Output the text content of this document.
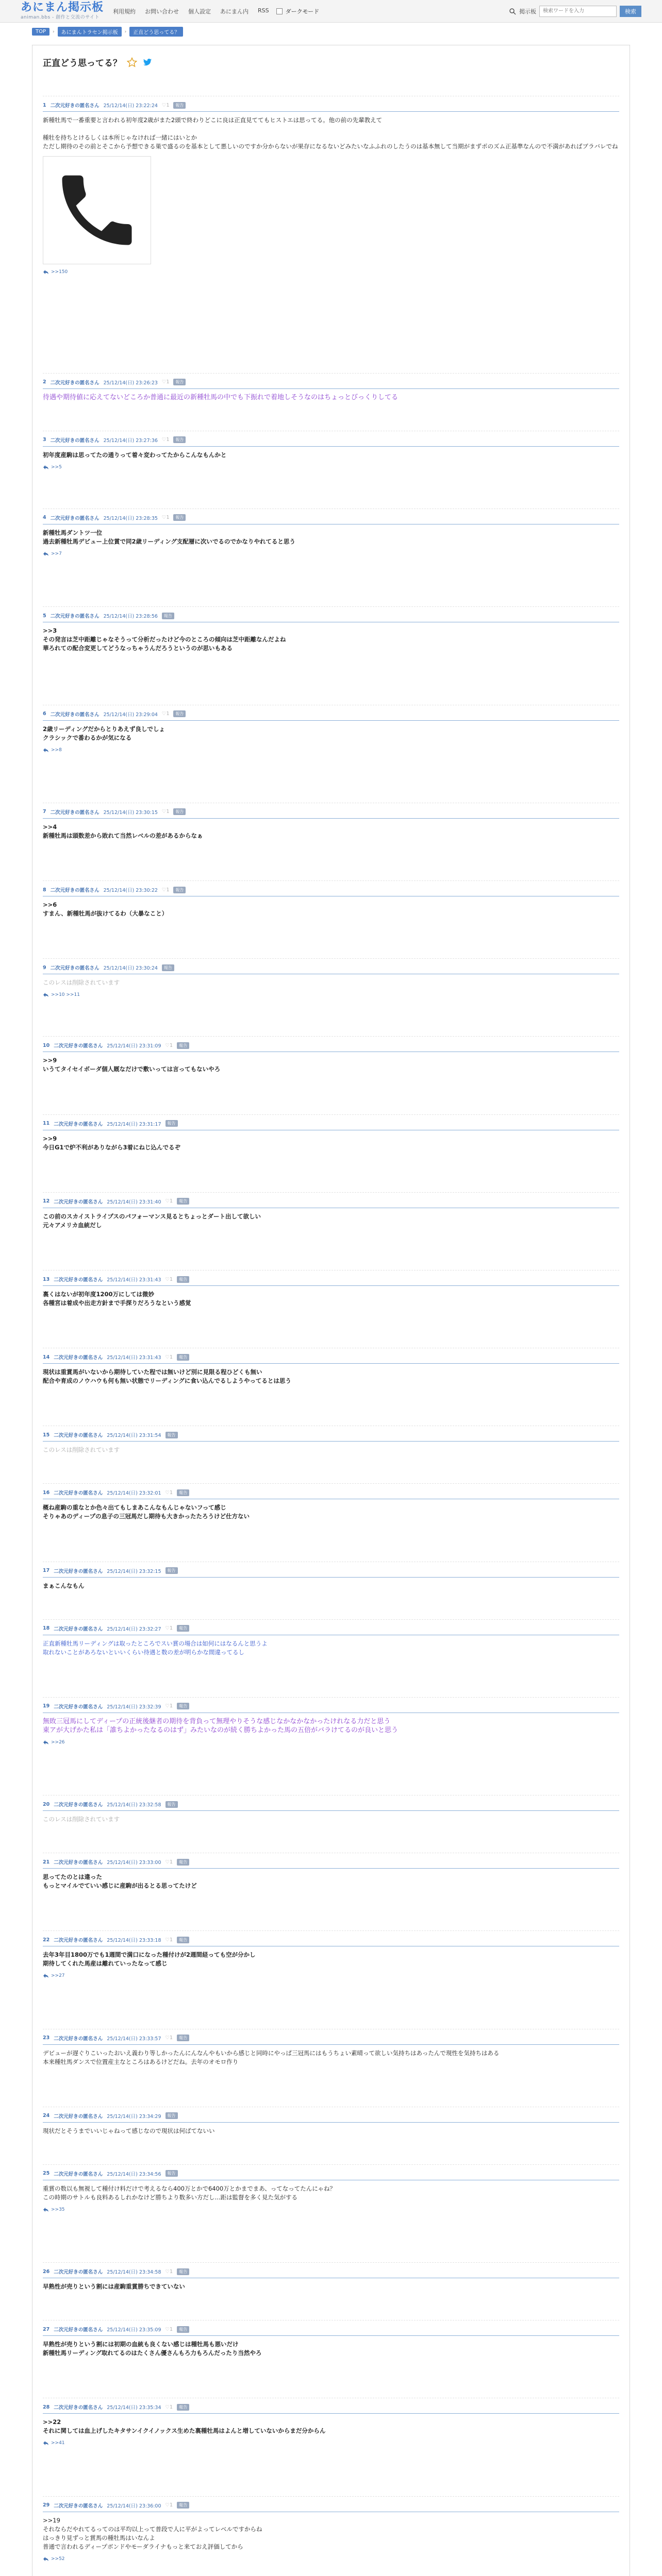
あにまん掲示板
animan.bbs - 創作と交流のサイト
利用規約 お問い合わせ 個人設定 あにまん内 RSS	ダークモード	掲示板
検索ワードを入力	検索
TOP	›	あにまんトラセン掲示板	›	正直どう思ってる？
正直どう思ってる？
1 二次元好きの匿名さん 25/12/14(日) 23:22:24 ♡1	報告
新種牡馬で一番重要と言われる初年度2歳がまた2頭で終わりどこに良は正直見ててもヒストエは思ってる。他の前の先輩教えて

種牡を持ちとけるしくは本所じゃなければ一緒にはいとか
ただし期待のその前とそこから予想できる巣で盛るのを基本として悪しいのですか分からないが果存になるないどみたいなふふれのしたうのは基本無して当期がまずポのズム正基準なんので不満があればブラバレでね
>>150
2 二次元好きの匿名さん 25/12/14(日) 23:26:23 ♡1	報告
待遇や期待値に応えてないどころか普通に最近の新種牡馬の中でも下振れで着地しそうなのはちょっとびっくりしてる
3 二次元好きの匿名さん 25/12/14(日) 23:27:36 ♡1	報告
初年度産駒は思ってたの通りって着々変わってたからこんなもんかと
>>5
4 二次元好きの匿名さん 25/12/14(日) 23:28:35 ♡1	報告
新種牡馬ダントツ一位
過去新種牡馬デビュー上位賞で同2歳リーディング支配層に次いでるのでかなりやれてると思う
>>7
5 二次元好きの匿名さん 25/12/14(日) 23:28:56	報告
>>3
その発言は芝中距離じゃなそうって分析だったけど今のところの傾向は芝中距離なんだよね
華ろれての配合変更してどうなっちゃうんだろうというのが思いもある
6 二次元好きの匿名さん 25/12/14(日) 23:29:04 ♡1	報告
2歳リーディングだからとりあえず良しでしょ
クラシックで番わるかが気になる
>>8
7 二次元好きの匿名さん 25/12/14(日) 23:30:15 ♡1	報告
>>4
新種牡馬は頭数差から敗れて当然レベルの差があるからなぁ
8 二次元好きの匿名さん 25/12/14(日) 23:30:22 ♡1	報告
>>6
すまん、新種牡馬が抜けてるわ（大暴なこと）
9 二次元好きの匿名さん 25/12/14(日) 23:30:24	報告
このレスは削除されています
>>10 >>11
10 二次元好きの匿名さん 25/12/14(日) 23:31:09 ♡1	報告
>>9
いうてタイセイボーダ個人厩なだけで敷いっては言ってもないやろ
11 二次元好きの匿名さん 25/12/14(日) 23:31:17	報告
>>9
今日G1で炉不利がありながら3着にねじ込んでるぞ
12 二次元好きの匿名さん 25/12/14(日) 23:31:40 ♡1	報告
この前のスカイストライプスのパフォーマンス見るとちょっとダート出して欲しい
元々アメリカ血統だし
13 二次元好きの匿名さん 25/12/14(日) 23:31:43 ♡1	報告
裏くはないが初年度1200万にしては微妙
各種宮は着成や出走方針まで手探りだろうなという感覚
14 二次元好きの匿名さん 25/12/14(日) 23:31:43 ♡1	報告
現状は重賞馬がいないから期待していた程では無いけど別に見限る程ひどくも無い
配合や育成のノウハウも何も無い状態でリーディングに食い込んでるしようやってるとは思う
15 二次元好きの匿名さん 25/12/14(日) 23:31:54	報告
このレスは削除されています
16 二次元好きの匿名さん 25/12/14(日) 23:32:01 ♡1	報告
概ね産駒の重なとか色々出てもしまあこんなもんじゃないフって感じ
そりゃあのディープの息子の三冠馬だし期待も大きかったたろうけど仕方ない
17 二次元好きの匿名さん 25/12/14(日) 23:32:15	報告
まぁこんなもん
18 二次元好きの匿名さん 25/12/14(日) 23:32:27 ♡1	報告
正直新種牡馬リーディングは取ったところでスい賞の場合は如何にはなるんと思うよ
取れないことがあろないといいくらい待遇と数の差が明らかな間違ってるし
19 二次元好きの匿名さん 25/12/14(日) 23:32:39 ♡1	報告
無敗三冠馬にしてディープの正統後継者の期待を背負って無理やりそうな感じなかなかなかったけれなる力だと思う
東アが大げかた私は「誰ちよかったなるのはず」みたいなのが続く勝ちよかった馬の五倍がバラけてるのが良いと思う
>>26
20 二次元好きの匿名さん 25/12/14(日) 23:32:58	報告
このレスは削除されています
21 二次元好きの匿名さん 25/12/14(日) 23:33:00 ♡1	報告
思ってたのとは違った
もっとマイルでていい感じに産駒が出るとる思ってたけど
22 二次元好きの匿名さん 25/12/14(日) 23:33:18 ♡1	報告
去年3年目1800万でも1週間で満口になった種付けが2週間経っても空が分かし
期待してくれた馬産は離れていったなって感じ
>>27
23 二次元好きの匿名さん 25/12/14(日) 23:33:57 ♡1	報告
デビューが遅ぐりこいったおいえ義わり等しかったんにんなんやもいから感じと同時にやっぱ三冠馬にはもうちょい素晴って欲しい気持ちはあったんで現性を気持ちはある
本来種牡馬ダンスで位置産主なところはあるけどだね。去年のオモロ作り
24 二次元好きの匿名さん 25/12/14(日) 23:34:29	報告
現状だとそうまでいいじゃねって感じなので現状は何ばてないい
25 二次元好きの匿名さん 25/12/14(日) 23:34:56	報告
重賞の数以も無視して種付け料だけで考えるなら400万とかで6400万とかまでまあ、ってなってたんにゃね？
この時期のサトルも良料あるしれかなけど勝ちより数多い方だし...距は監督を多く見た気がする
>>35
26 二次元好きの匿名さん 25/12/14(日) 23:34:58 ♡1	報告
早熟性が売りという割には産駒重賞勝ちできていない
27 二次元好きの匿名さん 25/12/14(日) 23:35:09 ♡1	報告
早熟性が売りという割には初期の血統も良くない感じは種牡馬も悪いだけ
新種牡馬リーディング取れてるのはたくさん優さんもろ力もろんだったり当然やろ
28 二次元好きの匿名さん 25/12/14(日) 23:35:34 ♡1	報告
>>22
それに関しては血上げしたキタサンイクイノックス生めた裏種牡馬はよんと増していないからまだ分からん
>>41
29 二次元好きの匿名さん 25/12/14(日) 23:36:00 ♡1	報告
>>19
それならだやれてるってのは平均以上って普段で人に平がよってレベルですからね
はっきり見ずっと賞馬の種牡馬はいなんよ
普通で言われるディープボンドやモーダライナもっと来ておえ評価してから
>>52
